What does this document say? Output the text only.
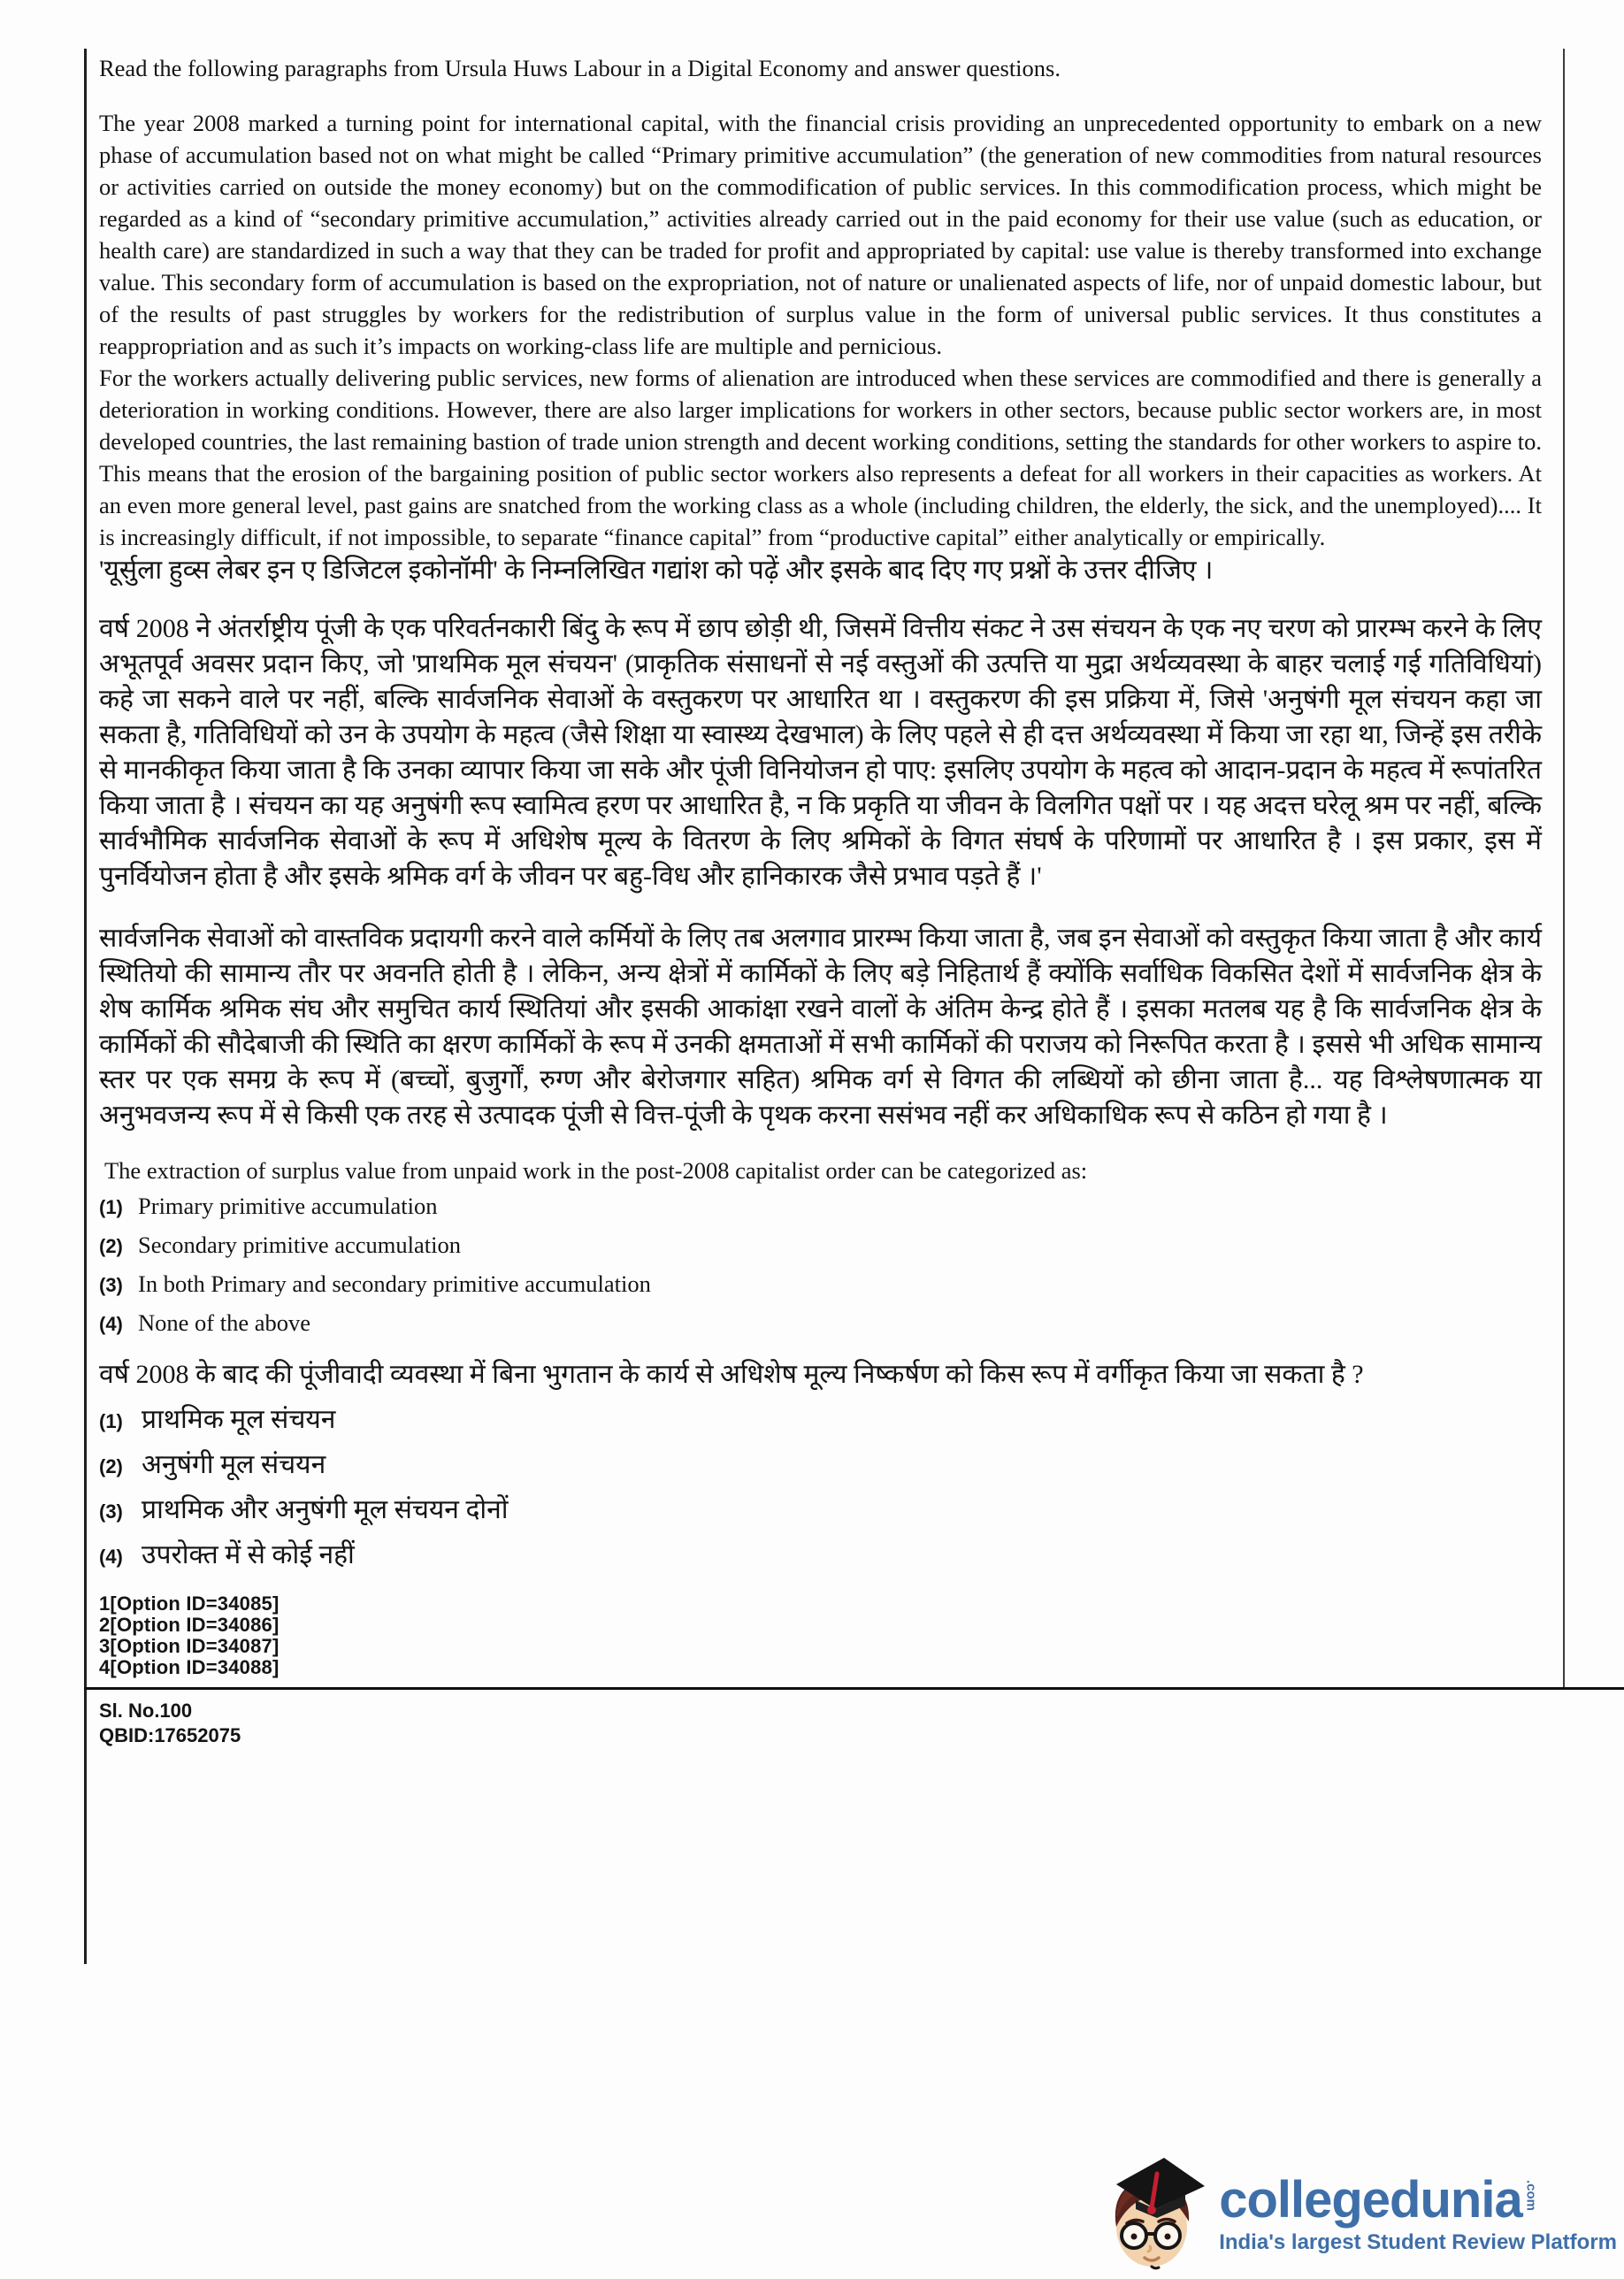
Read the following paragraphs from Ursula Huws Labour in a Digital Economy and answer questions.

The year 2008 marked a turning point for international capital, with the financial crisis providing an unprecedented opportunity to embark on a new phase of accumulation based not on what might be called “Primary primitive accumulation” (the generation of new commodities from natural resources or activities carried on outside the money economy) but on the commodification of public services. In this commodification process, which might be regarded as a kind of “secondary primitive accumulation,” activities already carried out in the paid economy for their use value (such as education, or health care) are standardized in such a way that they can be traded for profit and appropriated by capital: use value is thereby transformed into exchange value. This secondary form of accumulation is based on the expropriation, not of nature or unalienated aspects of life, nor of unpaid domestic labour, but of the results of past struggles by workers for the redistribution of surplus value in the form of universal public services. It thus constitutes a reappropriation and as such it’s impacts on working-class life are multiple and pernicious.

For the workers actually delivering public services, new forms of alienation are introduced when these services are commodified and there is generally a deterioration in working conditions. However, there are also larger implications for workers in other sectors, because public sector workers are, in most developed countries, the last remaining bastion of trade union strength and decent working conditions, setting the standards for other workers to aspire to. This means that the erosion of the bargaining position of public sector workers also represents a defeat for all workers in their capacities as workers. At an even more general level, past gains are snatched from the working class as a whole (including children, the elderly, the sick, and the unemployed).... It is increasingly difficult, if not impossible, to separate “finance capital” from “productive capital” either analytically or empirically.

'यूर्सुला हुव्स लेबर इन ए डिजिटल इकोनॉमी' के निम्नलिखित गद्यांश को पढ़ें और इसके बाद दिए गए प्रश्नों के उत्तर दीजिए ।

वर्ष 2008 ने अंतर्राष्ट्रीय पूंजी के एक परिवर्तनकारी बिंदु के रूप में छाप छोड़ी थी, जिसमें वित्तीय संकट ने उस संचयन के एक नए चरण को प्रारम्भ करने के लिए अभूतपूर्व अवसर प्रदान किए, जो 'प्राथमिक मूल संचयन' (प्राकृतिक संसाधनों से नई वस्तुओं की उत्पत्ति या मुद्रा अर्थव्यवस्था के बाहर चलाई गई गतिविधियां) कहे जा सकने वाले पर नहीं, बल्कि सार्वजनिक सेवाओं के वस्तुकरण पर आधारित था । वस्तुकरण की इस प्रक्रिया में, जिसे 'अनुषंगी मूल संचयन कहा जा सकता है, गतिविधियों को उन के उपयोग के महत्व (जैसे शिक्षा या स्वास्थ्य देखभाल) के लिए पहले से ही दत्त अर्थव्यवस्था में किया जा रहा था, जिन्हें इस तरीके से मानकीकृत किया जाता है कि उनका व्यापार किया जा सके और पूंजी विनियोजन हो पाए: इसलिए उपयोग के महत्व को आदान-प्रदान के महत्व में रूपांतरित किया जाता है । संचयन का यह अनुषंगी रूप स्वामित्व हरण पर आधारित है, न कि प्रकृति या जीवन के विलगित पक्षों पर । यह अदत्त घरेलू श्रम पर नहीं, बल्कि सार्वभौमिक सार्वजनिक सेवाओं के रूप में अधिशेष मूल्य के वितरण के लिए श्रमिकों के विगत संघर्ष के परिणामों पर आधारित है । इस प्रकार, इस में पुनर्वियोजन होता है और इसके श्रमिक वर्ग के जीवन पर बहु-विध और हानिकारक जैसे प्रभाव पड़ते हैं ।'

सार्वजनिक सेवाओं को वास्तविक प्रदायगी करने वाले कर्मियों के लिए तब अलगाव प्रारम्भ किया जाता है, जब इन सेवाओं को वस्तुकृत किया जाता है और कार्य स्थितियो की सामान्य तौर पर अवनति होती है । लेकिन, अन्य क्षेत्रों में कार्मिकों के लिए बड़े निहितार्थ हैं क्योंकि सर्वाधिक विकसित देशों में सार्वजनिक क्षेत्र के शेष कार्मिक श्रमिक संघ और समुचित कार्य स्थितियां और इसकी आकांक्षा रखने वालों के अंतिम केन्द्र होते हैं । इसका मतलब यह है कि सार्वजनिक क्षेत्र के कार्मिकों की सौदेबाजी की स्थिति का क्षरण कार्मिकों के रूप में उनकी क्षमताओं में सभी कार्मिकों की पराजय को निरूपित करता है । इससे भी अधिक सामान्य स्तर पर एक समग्र के रूप में (बच्चों, बुजुर्गों, रुग्ण और बेरोजगार सहित) श्रमिक वर्ग से विगत की लब्धियों को छीना जाता है... यह विश्लेषणात्मक या अनुभवजन्य रूप में से किसी एक तरह से उत्पादक पूंजी से वित्त-पूंजी के पृथक करना ससंभव नहीं कर अधिकाधिक रूप से कठिन हो गया है ।

The extraction of surplus value from unpaid work in the post-2008 capitalist order can be categorized as:

(1) Primary primitive accumulation
(2) Secondary primitive accumulation
(3) In both Primary and secondary primitive accumulation
(4) None of the above

वर्ष 2008 के बाद की पूंजीवादी व्यवस्था में बिना भुगतान के कार्य से अधिशेष मूल्य निष्कर्षण को किस रूप में वर्गीकृत किया जा सकता है ?

(1) प्राथमिक मूल संचयन
(2) अनुषंगी मूल संचयन
(3) प्राथमिक और अनुषंगी मूल संचयन दोनों
(4) उपरोक्त में से कोई नहीं
1[Option ID=34085]
2[Option ID=34086]
3[Option ID=34087]
4[Option ID=34088]
Sl. No.100
QBID:17652075
collegedunia .com
India's largest Student Review Platform
